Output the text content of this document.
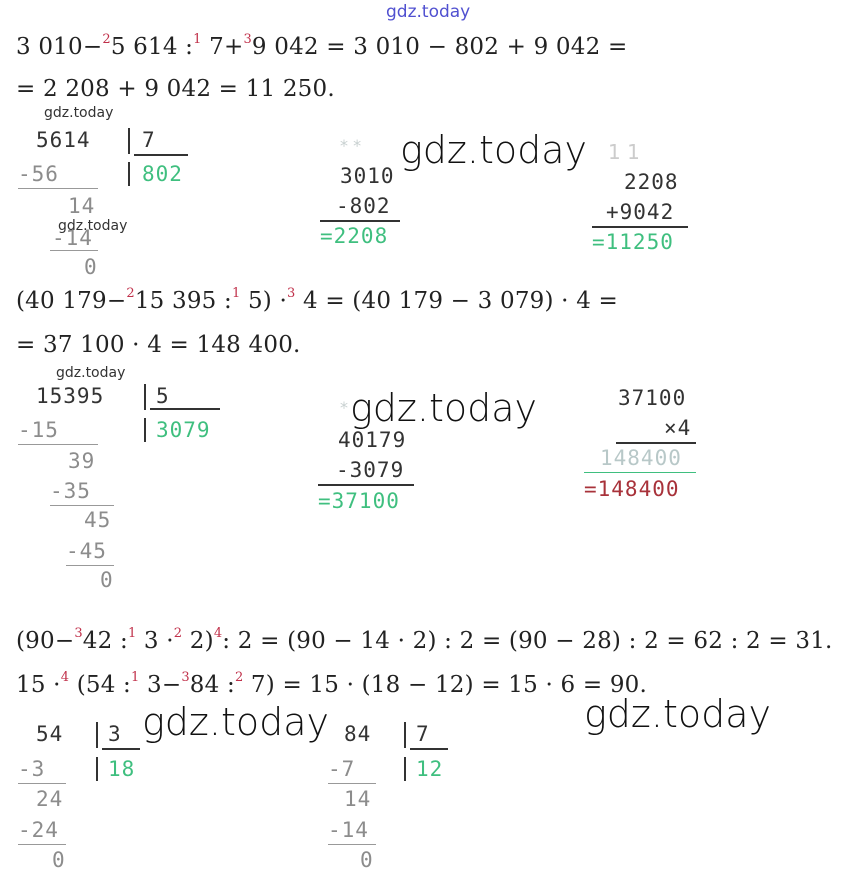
gdz.today
3 010−$^2$5 614 :$^1$ 7+$^3$9 042 = 3 010 − 802 + 9 042 =
= 2 208 + 9 042 = 11 250.
gdz.today
5614 7
802
-56
14
-14
0
gdz.today
* *
3010
-802
=2208
gdz.today 1 1
2208
+9042
=11250
(40 179−$^2$15 395 :$^1$ 5) ·$^3$ 4 = (40 179 − 3 079) · 4 =
= 37 100 · 4 = 148 400.
gdz.today
15395 5
3079
-15
39
-35
45
-45
0
*
40179
-3079
=37100
gdz.today	37100
×4
148400
=148400
(90−$^3$42 :$^1$ 3 ·$^2$ 2)$^4$: 2 = (90 − 14 · 2) : 2 = (90 − 28) : 2 = 62 : 2 = 31.
15 ·$^4$ (54 :$^1$ 3−$^3$84 :$^2$ 7) = 15 · (18 − 12) = 15 · 6 = 90.
54 3
18
-3
24
-24
0
gdz.today 84 7
12
-7
14
-14
0
gdz.today
